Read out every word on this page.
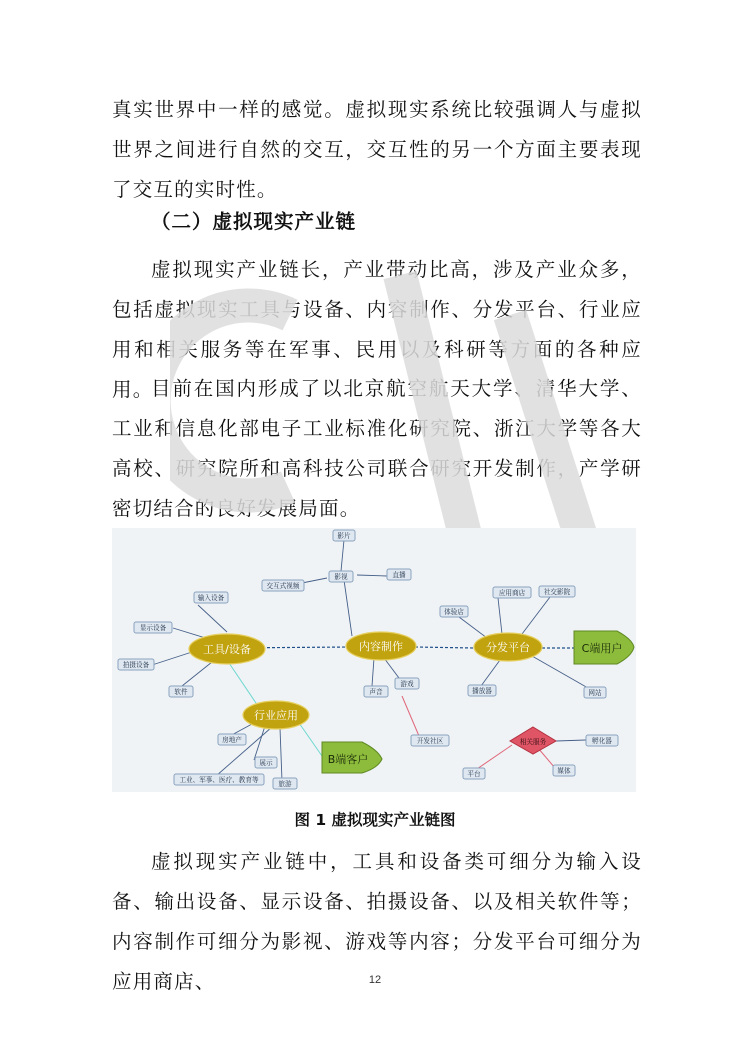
真实世界中一样的感觉。虚拟现实系统比较强调人与虚拟世界之间进行自然的交互，交互性的另一个方面主要表现了交互的实时性。

（二）虚拟现实产业链

虚拟现实产业链长，产业带动比高，涉及产业众多，包括虚拟现实工具与设备、内容制作、分发平台、行业应用和相关服务等在军事、民用以及科研等方面的各种应用。

目前在国内形成了以北京航空航天大学、清华大学、工业和信息化部电子工业标准化研究院、浙江大学等各大高校、研究院所和高科技公司联合研究开发制作，产学研密切结合的良好发展局面。

输入设备
显示设备
拍摄设备
软件
影片
影视
交互式视频
直播
声音
游戏
开发社区
体验店
应用商店	社交影院
播放器	网站
房地产
展示
工业、军事、医疗、教育等	旅游
孵化器
平台	媒体
工具/设备	内容制作	分发平台
行业应用
C端用户
B端客户
相关服务

图 1 虚拟现实产业链图

虚拟现实产业链中，工具和设备类可细分为输入设备、输出设备、显示设备、拍摄设备、以及相关软件等；内容制作可细分为影视、游戏等内容；分发平台可细分为应用商店、	12
